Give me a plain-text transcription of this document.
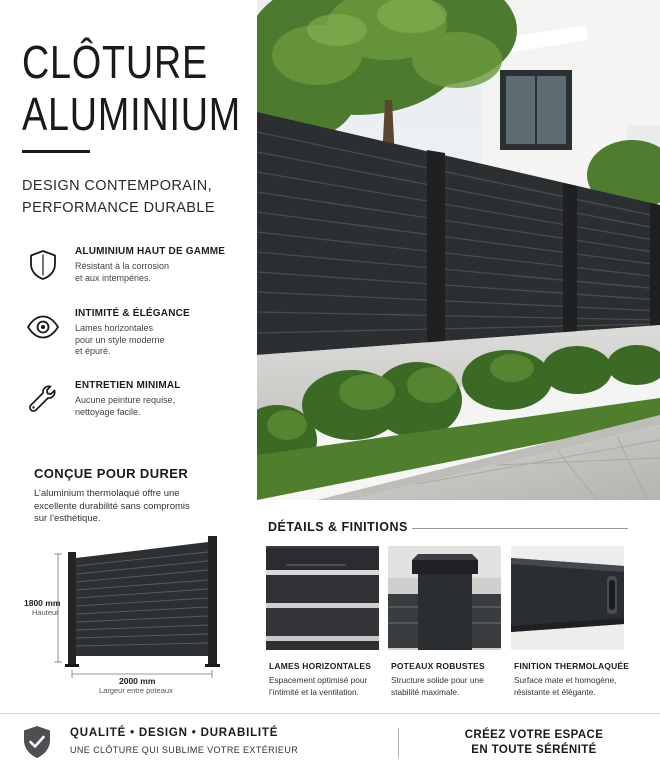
CLÔTURE
ALUMINIUM
DESIGN CONTEMPORAIN,
PERFORMANCE DURABLE
ALUMINIUM HAUT DE GAMME
Résistant à la corrosion
et aux intempéries.
INTIMITÉ & ÉLÉGANCE
Lames horizontales
pour un style moderne
et épuré.
ENTRETIEN MINIMAL
Aucune peinture requise,
nettoyage facile.
CONÇUE POUR DURER
L’aluminium thermolaqué offre une
excellente durabilité sans compromis
sur l’esthétique.
1800 mm
Hauteur
2000 mm
Largeur entre poteaux
DÉTAILS & FINITIONS
LAMES HORIZONTALES
Espacement optimisé pour
l’intimité et la ventilation.
POTEAUX ROBUSTES
Structure solide pour une
stabilité maximale.
FINITION THERMOLAQUÉE
Surface mate et homogène,
résistante et élégante.
QUALITÉ • DESIGN • DURABILITÉ
UNE CLÔTURE QUI SUBLIME VOTRE EXTÉRIEUR
CRÉEZ VOTRE ESPACE
EN TOUTE SÉRÉNITÉ
